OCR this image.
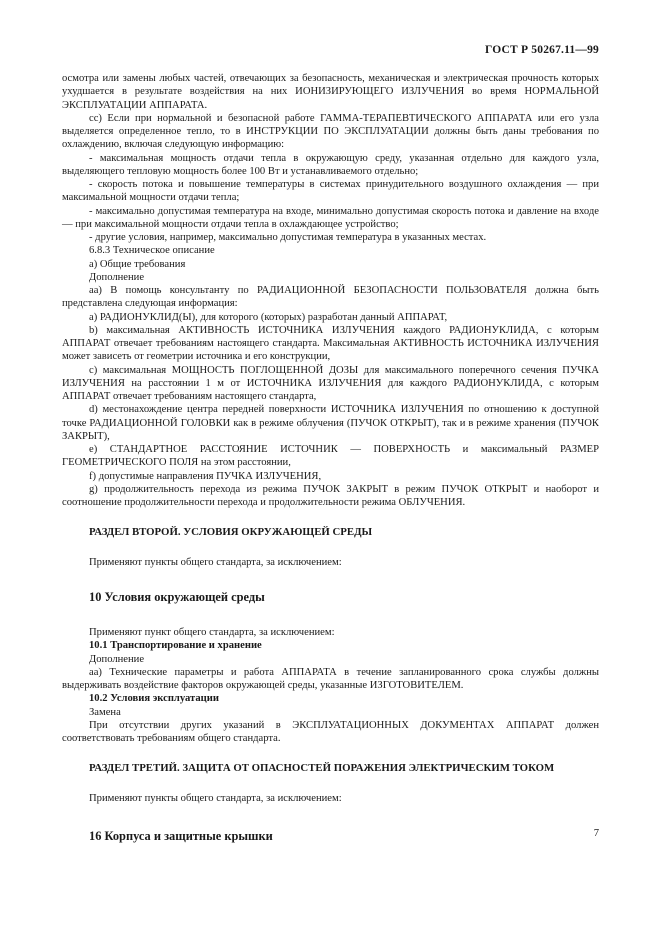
ГОСТ Р 50267.11—99

осмотра или замены любых частей, отвечающих за безопасность, механическая и электрическая прочность которых ухудшается в результате воздействия на них ИОНИЗИРУЮЩЕГО ИЗЛУЧЕНИЯ во время НОРМАЛЬНОЙ ЭКСПЛУАТАЦИИ АППАРАТА.

cc) Если при нормальной и безопасной работе ГАММА-ТЕРАПЕВТИЧЕСКОГО АППАРАТА или его узла выделяется определенное тепло, то в ИНСТРУКЦИИ ПО ЭКСПЛУАТАЦИИ должны быть даны требования по охлаждению, включая следующую информацию:

- максимальная мощность отдачи тепла в окружающую среду, указанная отдельно для каждого узла, выделяющего тепловую мощность более 100 Вт и устанавливаемого отдельно;

- скорость потока и повышение температуры в системах принудительного воздушного охлаждения — при максимальной мощности отдачи тепла;

- максимально допустимая температура на входе, минимально допустимая скорость потока и давление на входе — при максимальной мощности отдачи тепла в охлаждающее устройство;

- другие условия, например, максимально допустимая температура в указанных местах.

6.8.3 Техническое описание

а) Общие требования

Дополнение

аа) В помощь консультанту по РАДИАЦИОННОЙ БЕЗОПАСНОСТИ ПОЛЬЗОВАТЕЛЯ должна быть представлена следующая информация:

а) РАДИОНУКЛИД(Ы), для которого (которых) разработан данный АППАРАТ,

b) максимальная АКТИВНОСТЬ ИСТОЧНИКА ИЗЛУЧЕНИЯ каждого РАДИОНУКЛИДА, с которым АППАРАТ отвечает требованиям настоящего стандарта. Максимальная АКТИВНОСТЬ ИСТОЧНИКА ИЗЛУЧЕНИЯ может зависеть от геометрии источника и его конструкции,

с) максимальная МОЩНОСТЬ ПОГЛОЩЕННОЙ ДОЗЫ для максимального поперечного сечения ПУЧКА ИЗЛУЧЕНИЯ на расстоянии 1 м от ИСТОЧНИКА ИЗЛУЧЕНИЯ для каждого РАДИОНУКЛИДА, с которым АППАРАТ отвечает требованиям настоящего стандарта,

d) местонахождение центра передней поверхности ИСТОЧНИКА ИЗЛУЧЕНИЯ по отношению к доступной точке РАДИАЦИОННОЙ ГОЛОВКИ как в режиме облучения (ПУЧОК ОТКРЫТ), так и в режиме хранения (ПУЧОК ЗАКРЫТ),

e) СТАНДАРТНОЕ РАССТОЯНИЕ ИСТОЧНИК — ПОВЕРХНОСТЬ и максимальный РАЗМЕР ГЕОМЕТРИЧЕСКОГО ПОЛЯ на этом расстоянии,

f) допустимые направления ПУЧКА ИЗЛУЧЕНИЯ,

g) продолжительность перехода из режима ПУЧОК ЗАКРЫТ в режим ПУЧОК ОТКРЫТ и наоборот и соотношение продолжительности перехода и продолжительности режима ОБЛУЧЕНИЯ.

РАЗДЕЛ ВТОРОЙ. УСЛОВИЯ ОКРУЖАЮЩЕЙ СРЕДЫ

Применяют пункты общего стандарта, за исключением:

10 Условия окружающей среды

Применяют пункт общего стандарта, за исключением:

10.1 Транспортирование и хранение

Дополнение

аа) Технические параметры и работа АППАРАТА в течение запланированного срока службы должны выдерживать воздействие факторов окружающей среды, указанные ИЗГОТОВИТЕЛЕМ.

10.2 Условия эксплуатации

Замена

При отсутствии других указаний в ЭКСПЛУАТАЦИОННЫХ ДОКУМЕНТАХ АППАРАТ должен соответствовать требованиям общего стандарта.

РАЗДЕЛ ТРЕТИЙ. ЗАЩИТА ОТ ОПАСНОСТЕЙ ПОРАЖЕНИЯ ЭЛЕКТРИЧЕСКИМ ТОКОМ

Применяют пункты общего стандарта, за исключением:

16 Корпуса и защитные крышки	7
